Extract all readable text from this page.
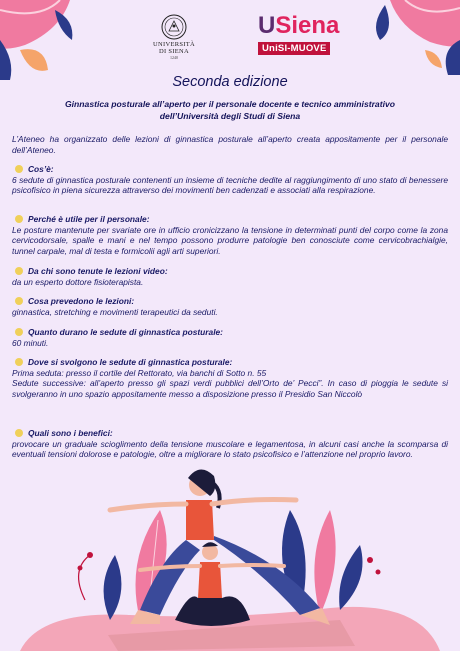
UNIVERSITÀ
DI SIENA
1240
USiena
UniSI-MUOVE
Seconda edizione
Ginnastica posturale all’aperto per il personale docente e tecnico amministrativo
dell’Università degli Studi di Siena
L’Ateneo ha organizzato delle lezioni di ginnastica posturale all’aperto creata appositamente per il personale dell’Ateneo.
Cos’è:

6 sedute di ginnastica posturale contenenti un insieme di tecniche dedite al raggiungimento di uno stato di benessere psicofisico in piena sicurezza attraverso dei movimenti ben cadenzati e associati alla respirazione.

Perché è utile per il personale:

Le posture mantenute per svariate ore in ufficio cronicizzano la tensione in determinati punti del corpo come la zona cervicodorsale, spalle e mani e nel tempo possono produrre patologie ben conosciute come cervicobrachialgie, tunnel carpale, mal di testa e formicolii agli arti superiori.

Da chi sono tenute le lezioni video:

da un esperto dottore fisioterapista.

Cosa prevedono le lezioni:

ginnastica, stretching e movimenti terapeutici da seduti.

Quanto durano le sedute di ginnastica posturale:

60 minuti.

Dove si svolgono le sedute di ginnastica posturale:

Prima seduta: presso il cortile del Rettorato, via banchi di Sotto n. 55

Sedute successive: all’aperto presso gli spazi verdi pubblici dell’Orto de’ Pecci”. In caso di pioggia le sedute si svolgeranno in uno spazio appositamente messo a disposizione presso il Presidio San Niccolò

Quali sono i benefici:

provocare un graduale scioglimento della tensione muscolare e legamentosa, in alcuni casi anche la scomparsa di eventuali tensioni dolorose e patologie, oltre a migliorare lo stato psicofisico e l’attenzione nel proprio lavoro.
